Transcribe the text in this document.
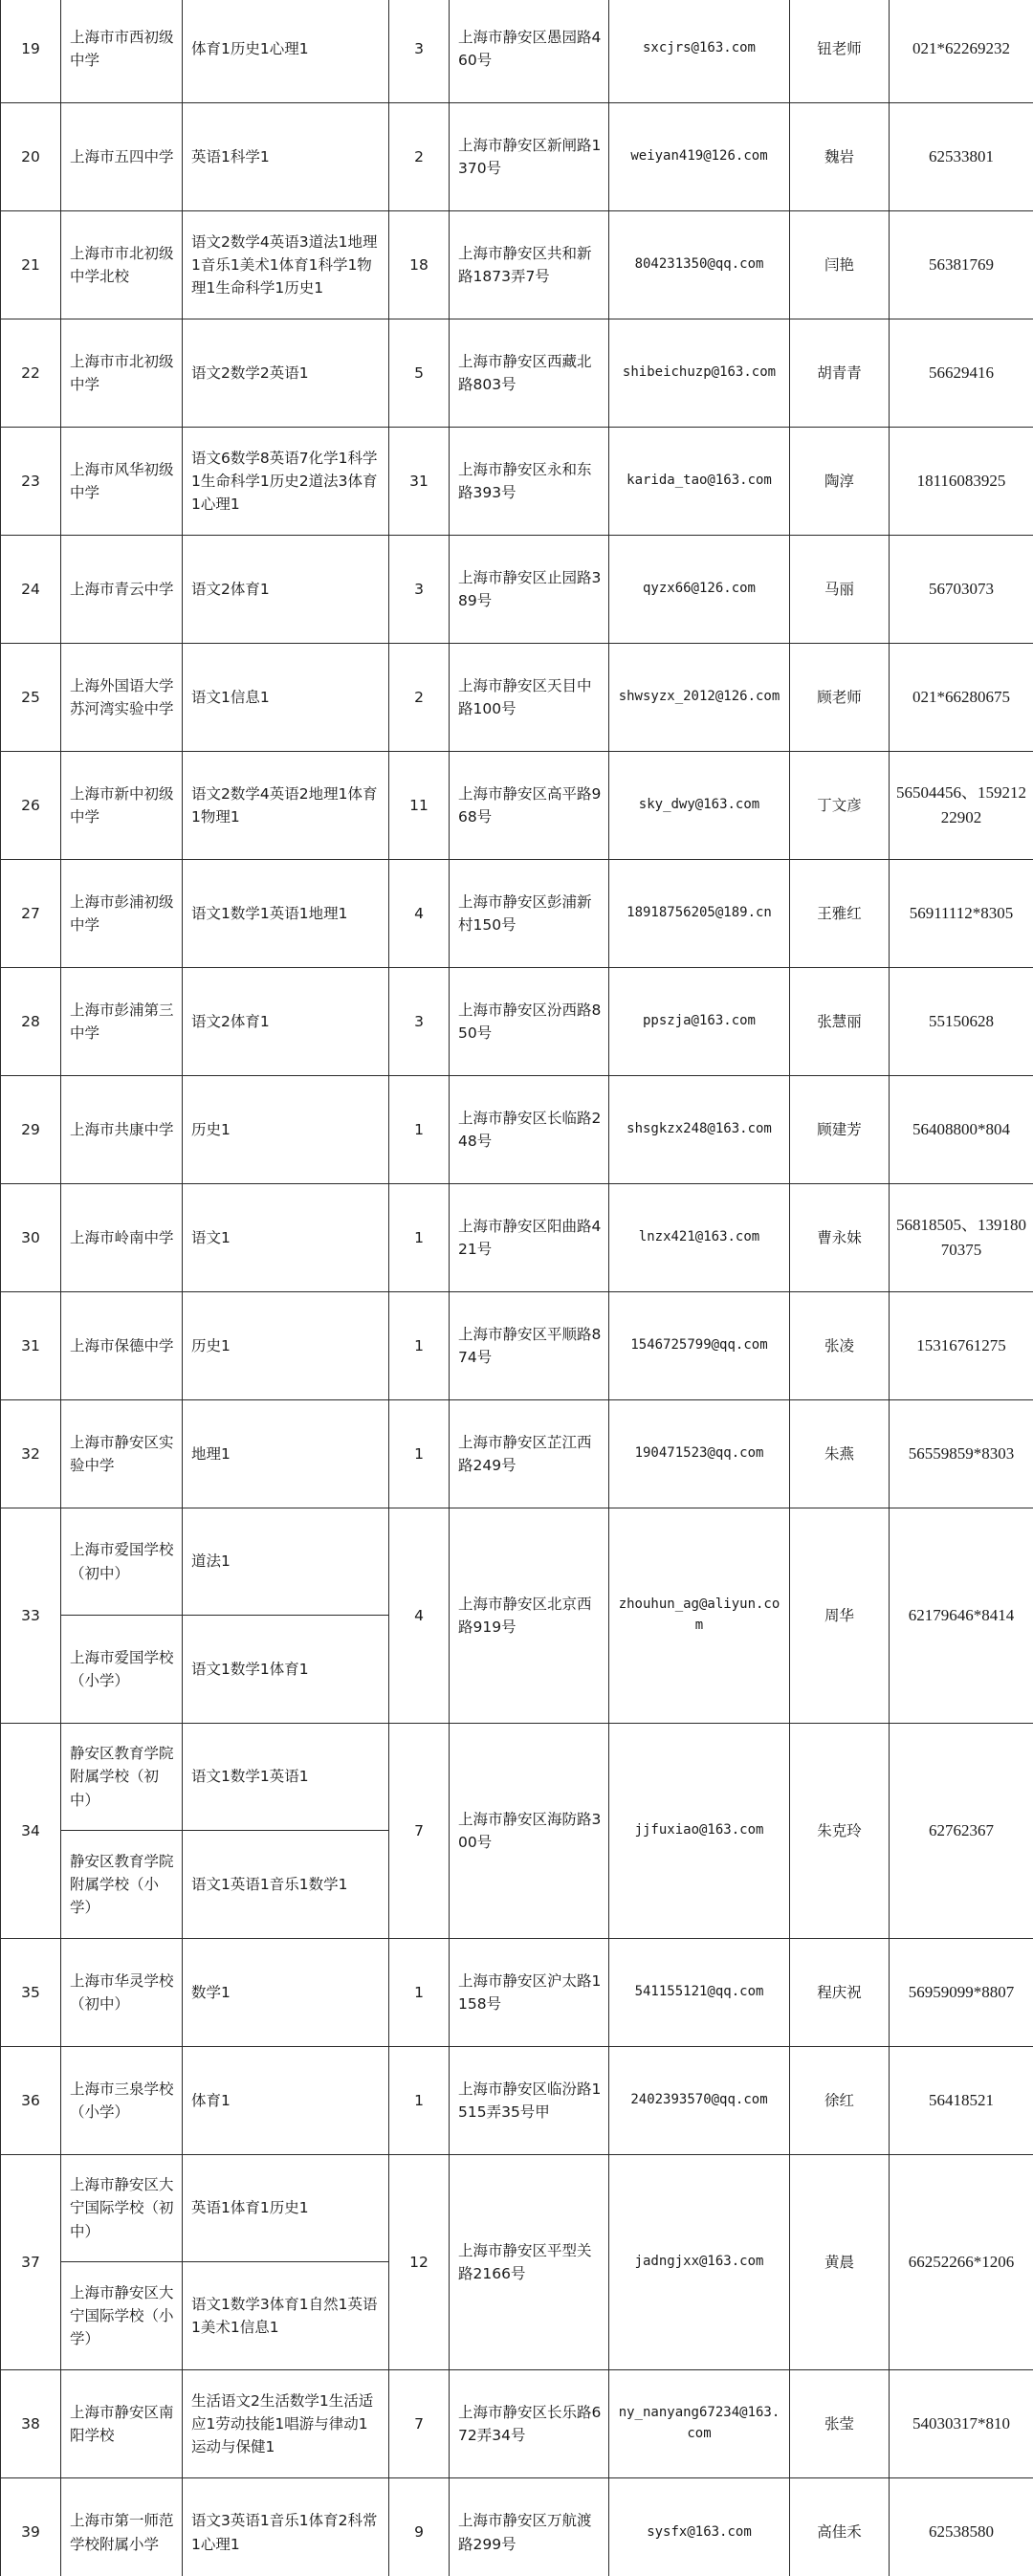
19	上海市市西初级中学	体育1历史1心理1	3	上海市静安区愚园路460号	sxcjrs@163.com	钮老师	021*62269232
20	上海市五四中学	英语1科学1	2	上海市静安区新闸路1370号	weiyan419@126.com	魏岩	62533801
21	上海市市北初级中学北校	语文2数学4英语3道法1地理1音乐1美术1体育1科学1物理1生命科学1历史1	18	上海市静安区共和新路1873弄7号	804231350@qq.com	闫艳	56381769
22	上海市市北初级中学	语文2数学2英语1	5	上海市静安区西藏北路803号	shibeichuzp@163.com	胡青青	56629416
23	上海市风华初级中学	语文6数学8英语7化学1科学1生命科学1历史2道法3体育1心理1	31	上海市静安区永和东路393号	karida_tao@163.com	陶淳	18116083925
24	上海市青云中学	语文2体育1	3	上海市静安区止园路389号	qyzx66@126.com	马丽	56703073
25	上海外国语大学苏河湾实验中学	语文1信息1	2	上海市静安区天目中路100号	shwsyzx_2012@126.com	顾老师	021*66280675
26	上海市新中初级中学	语文2数学4英语2地理1体育1物理1	11	上海市静安区高平路968号	sky_dwy@163.com	丁文彦	56504456、15921222902
27	上海市彭浦初级中学	语文1数学1英语1地理1	4	上海市静安区彭浦新村150号	18918756205@189.cn	王雅红	56911112*8305
28	上海市彭浦第三中学	语文2体育1	3	上海市静安区汾西路850号	ppszja@163.com	张慧丽	55150628
29	上海市共康中学	历史1	1	上海市静安区长临路248号	shsgkzx248@163.com	顾建芳	56408800*804
30	上海市岭南中学	语文1	1	上海市静安区阳曲路421号	lnzx421@163.com	曹永妹	56818505、13918070375
31	上海市保德中学	历史1	1	上海市静安区平顺路874号	1546725799@qq.com	张凌	15316761275
32	上海市静安区实验中学	地理1	1	上海市静安区芷江西路249号	190471523@qq.com	朱燕	56559859*8303
33	上海市爱国学校（初中）	道法1	4	上海市静安区北京西路919号	zhouhun_ag@aliyun.com	周华	62179646*8414
	上海市爱国学校（小学）	语文1数学1体育1					
34	静安区教育学院附属学校（初中）	语文1数学1英语1	7	上海市静安区海防路300号	jjfuxiao@163.com	朱克玲	62762367
	静安区教育学院附属学校（小学）	语文1英语1音乐1数学1					
35	上海市华灵学校（初中）	数学1	1	上海市静安区沪太路1158号	541155121@qq.com	程庆祝	56959099*8807
36	上海市三泉学校（小学）	体育1	1	上海市静安区临汾路1515弄35号甲	2402393570@qq.com	徐红	56418521
37	上海市静安区大宁国际学校（初中）	英语1体育1历史1	12	上海市静安区平型关路2166号	jadngjxx@163.com	黄晨	66252266*1206
	上海市静安区大宁国际学校（小学）	语文1数学3体育1自然1英语1美术1信息1					
38	上海市静安区南阳学校	生活语文2生活数学1生活适应1劳动技能1唱游与律动1运动与保健1	7	上海市静安区长乐路672弄34号	ny_nanyang67234@163.com	张莹	54030317*810
39	上海市第一师范学校附属小学	语文3英语1音乐1体育2科常1心理1	9	上海市静安区万航渡路299号	sysfx@163.com	高佳禾	62538580
